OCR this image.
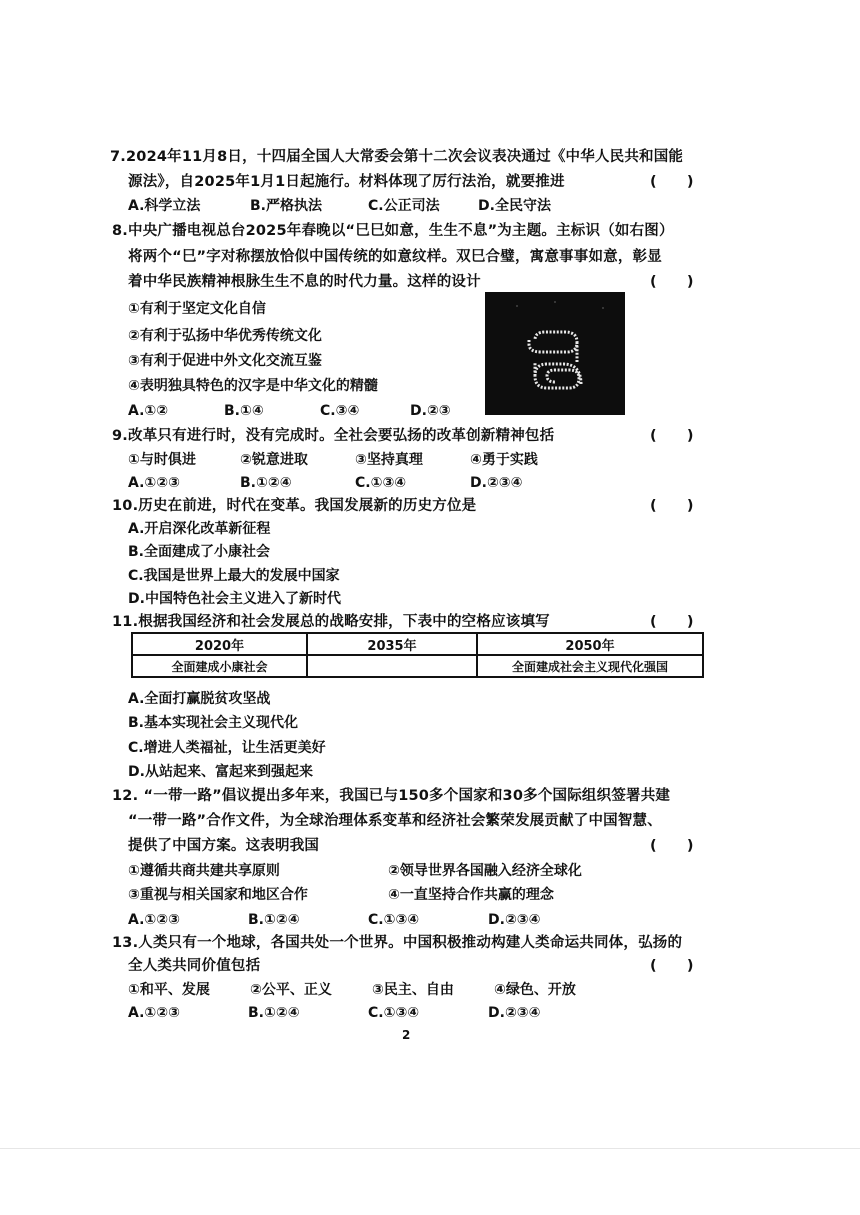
7.2024年11月8日，十四届全国人大常委会第十二次会议表决通过《中华人民共和国能
源法》，自2025年1月1日起施行。材料体现了厉行法治，就要推进	(      )
A.科学立法	B.严格执法	C.公正司法	D.全民守法
8.中央广播电视总台2025年春晚以“巳巳如意，生生不息”为主题。主标识（如右图）
将两个“巳”字对称摆放恰似中国传统的如意纹样。双巳合璧，寓意事事如意，彰显
着中华民族精神根脉生生不息的时代力量。这样的设计	(      )
①有利于坚定文化自信
②有利于弘扬中华优秀传统文化
③有利于促进中外文化交流互鉴
④表明独具特色的汉字是中华文化的精髓
A.①②	B.①④	C.③④	D.②③
9.改革只有进行时，没有完成时。全社会要弘扬的改革创新精神包括	(      )
①与时俱进	②锐意进取	③坚持真理	④勇于实践
A.①②③	B.①②④	C.①③④	D.②③④
10.历史在前进，时代在变革。我国发展新的历史方位是	(      )
A.开启深化改革新征程
B.全面建成了小康社会
C.我国是世界上最大的发展中国家
D.中国特色社会主义进入了新时代
11.根据我国经济和社会发展总的战略安排，下表中的空格应该填写	(      )
2020年	2035年	2050年
全面建成小康社会		全面建成社会主义现代化强国
A.全面打赢脱贫攻坚战
B.基本实现社会主义现代化
C.增进人类福祉，让生活更美好
D.从站起来、富起来到强起来
12. “一带一路”倡议提出多年来，我国已与150多个国家和30多个国际组织签署共建
“一带一路”合作文件，为全球治理体系变革和经济社会繁荣发展贡献了中国智慧、
提供了中国方案。这表明我国	(      )
①遵循共商共建共享原则	②领导世界各国融入经济全球化
③重视与相关国家和地区合作	④一直坚持合作共赢的理念
A.①②③	B.①②④	C.①③④	D.②③④
13.人类只有一个地球，各国共处一个世界。中国积极推动构建人类命运共同体，弘扬的
全人类共同价值包括	(      )
①和平、发展	②公平、正义	③民主、自由	④绿色、开放
A.①②③	B.①②④	C.①③④	D.②③④
2
